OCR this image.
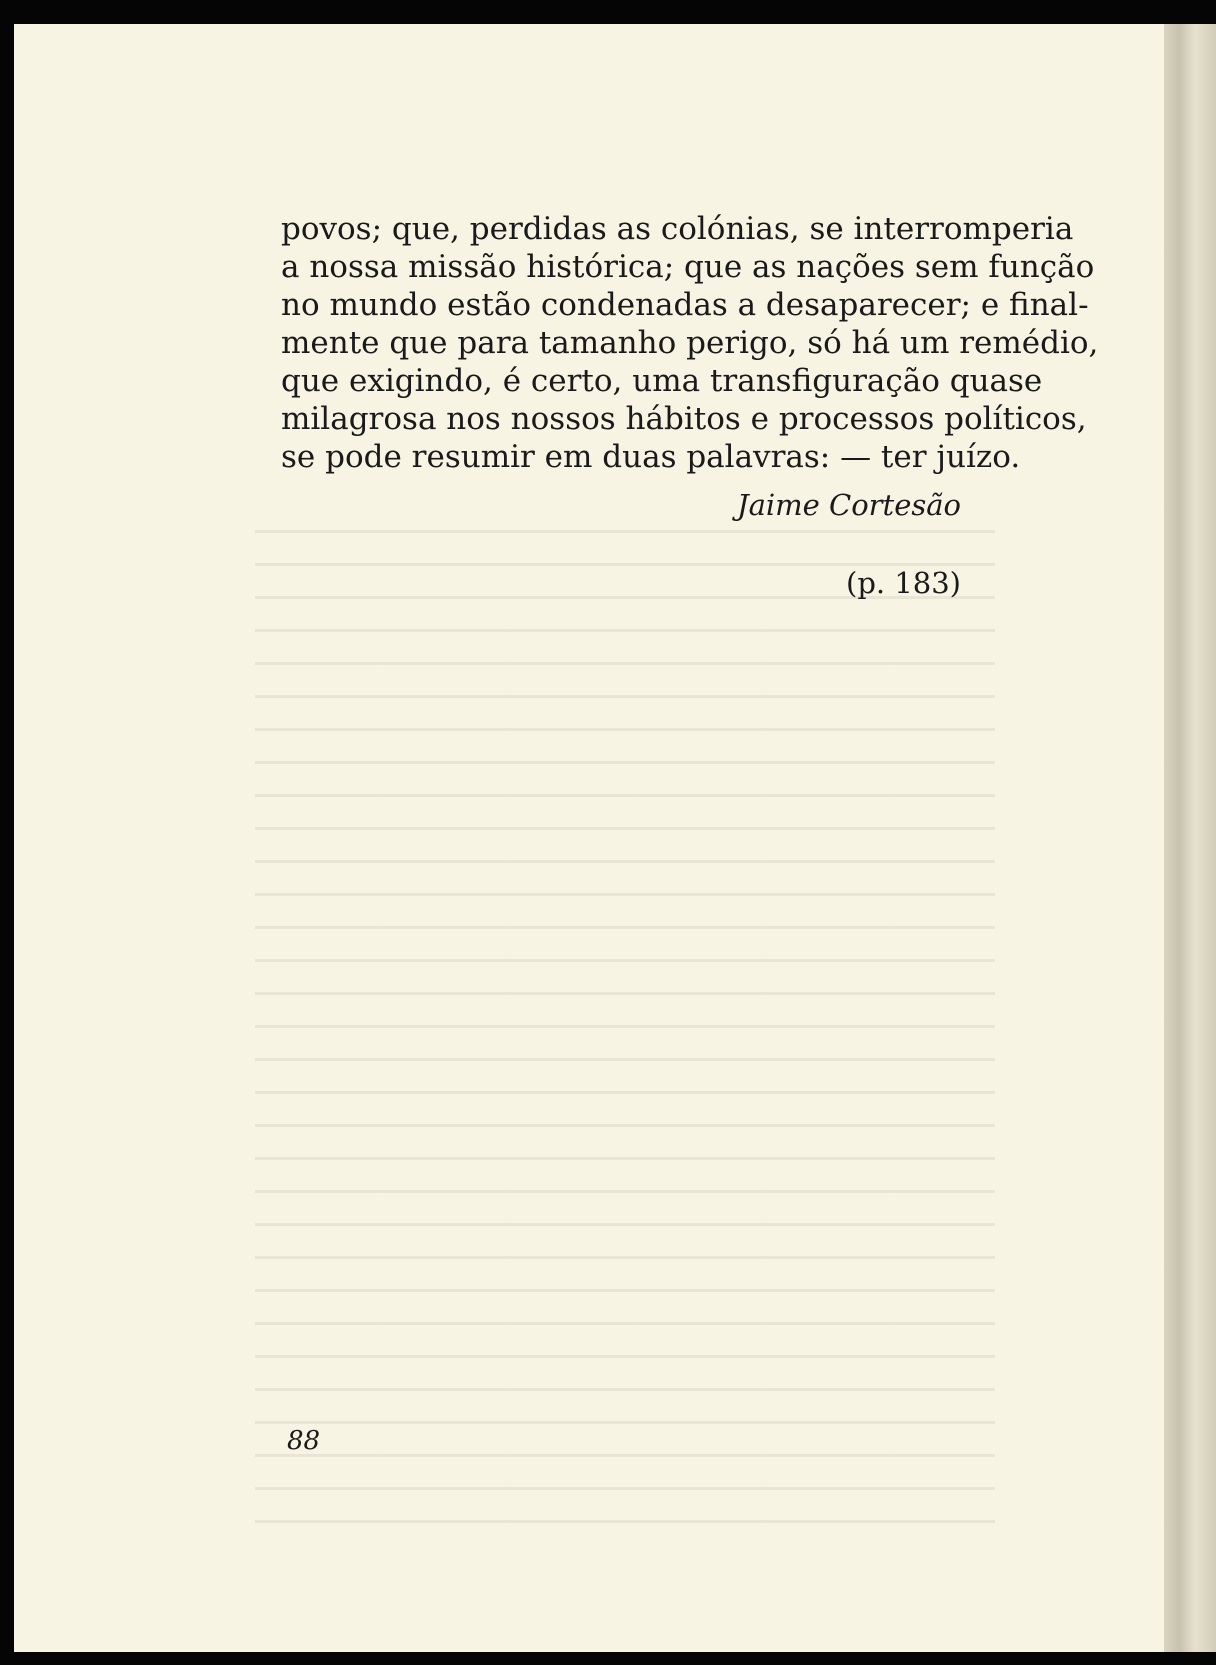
povos; que, perdidas as colónias, se interromperia
a nossa missão histórica; que as nações sem função
no mundo estão condenadas a desaparecer; e final-
mente que para tamanho perigo, só há um remédio,
que exigindo, é certo, uma transfiguração quase
milagrosa nos nossos hábitos e processos políticos,
se pode resumir em duas palavras: — ter juízo.
Jaime Cortesão
(p. 183)
88
